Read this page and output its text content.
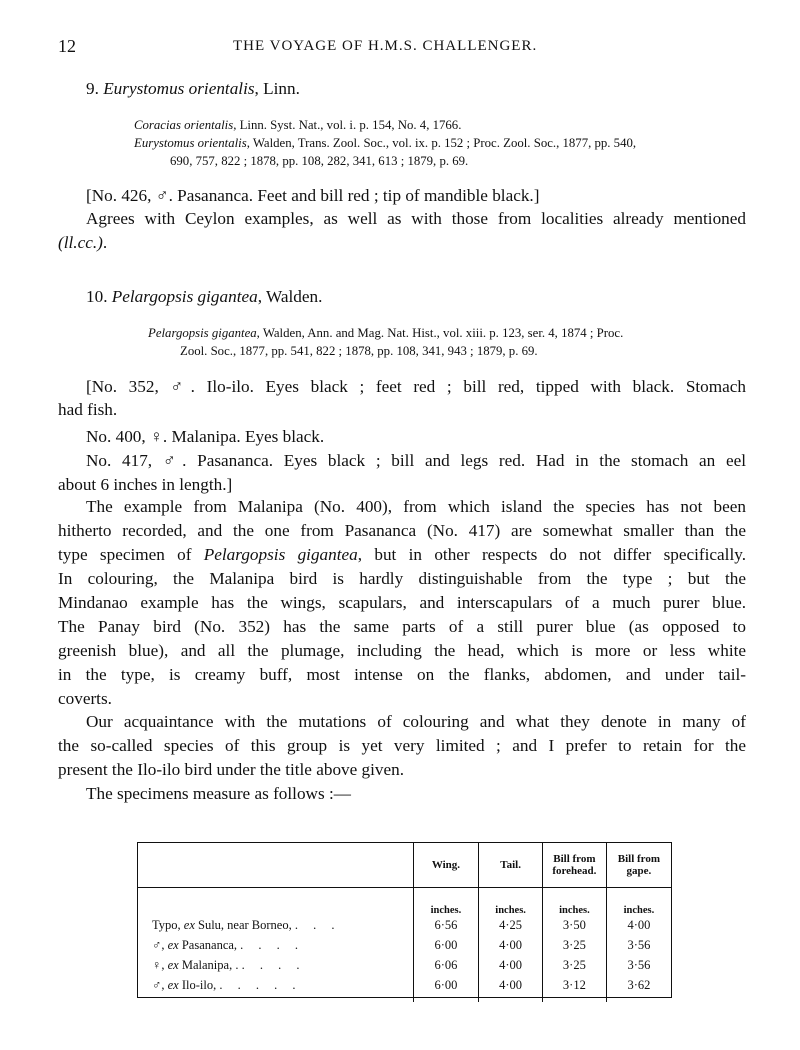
12	THE VOYAGE OF H.M.S. CHALLENGER.
9. Eurystomus orientalis, Linn.
Coracias orientalis, Linn. Syst. Nat., vol. i. p. 154, No. 4, 1766.
Eurystomus orientalis, Walden, Trans. Zool. Soc., vol. ix. p. 152 ; Proc. Zool. Soc., 1877, pp. 540,
690, 757, 822 ; 1878, pp. 108, 282, 341, 613 ; 1879, p. 69.
[No. 426, ♂. Pasananca. Feet and bill red ; tip of mandible black.]
Agrees with Ceylon examples, as well as with those from localities already mentioned
(ll.cc.).
10. Pelargopsis gigantea, Walden.
Pelargopsis gigantea, Walden, Ann. and Mag. Nat. Hist., vol. xiii. p. 123, ser. 4, 1874 ; Proc.
Zool. Soc., 1877, pp. 541, 822 ; 1878, pp. 108, 341, 943 ; 1879, p. 69.
[No. 352, ♂. Ilo-ilo. Eyes black ; feet red ; bill red, tipped with black. Stomach
had fish.
No. 400, ♀. Malanipa. Eyes black.
No. 417, ♂. Pasananca. Eyes black ; bill and legs red. Had in the stomach an eel
about 6 inches in length.]
The example from Malanipa (No. 400), from which island the species has not been
hitherto recorded, and the one from Pasananca (No. 417) are somewhat smaller than the
type specimen of Pelargopsis gigantea, but in other respects do not differ specifically.
In colouring, the Malanipa bird is hardly distinguishable from the type ; but the
Mindanao example has the wings, scapulars, and interscapulars of a much purer blue.
The Panay bird (No. 352) has the same parts of a still purer blue (as opposed to
greenish blue), and all the plumage, including the head, which is more or less white
in the type, is creamy buff, most intense on the flanks, abdomen, and under tail-
coverts.
Our acquaintance with the mutations of colouring and what they denote in many of
the so-called species of this group is yet very limited ; and I prefer to retain for the
present the Ilo-ilo bird under the title above given.
The specimens measure as follows :—
	Wing.	Tail.	Bill from forehead.	Bill from gape.
	inches.	inches.	inches.	inches.
Typo, ex Sulu, near Borneo, . . .	6·56	4·25	3·50	4·00
♂, ex Pasananca, . . . .	6·00	4·00	3·25	3·56
♀, ex Malanipa, . . . . .	6·06	4·00	3·25	3·56
♂, ex Ilo-ilo, . . . . .	6·00	4·00	3·12	3·62
